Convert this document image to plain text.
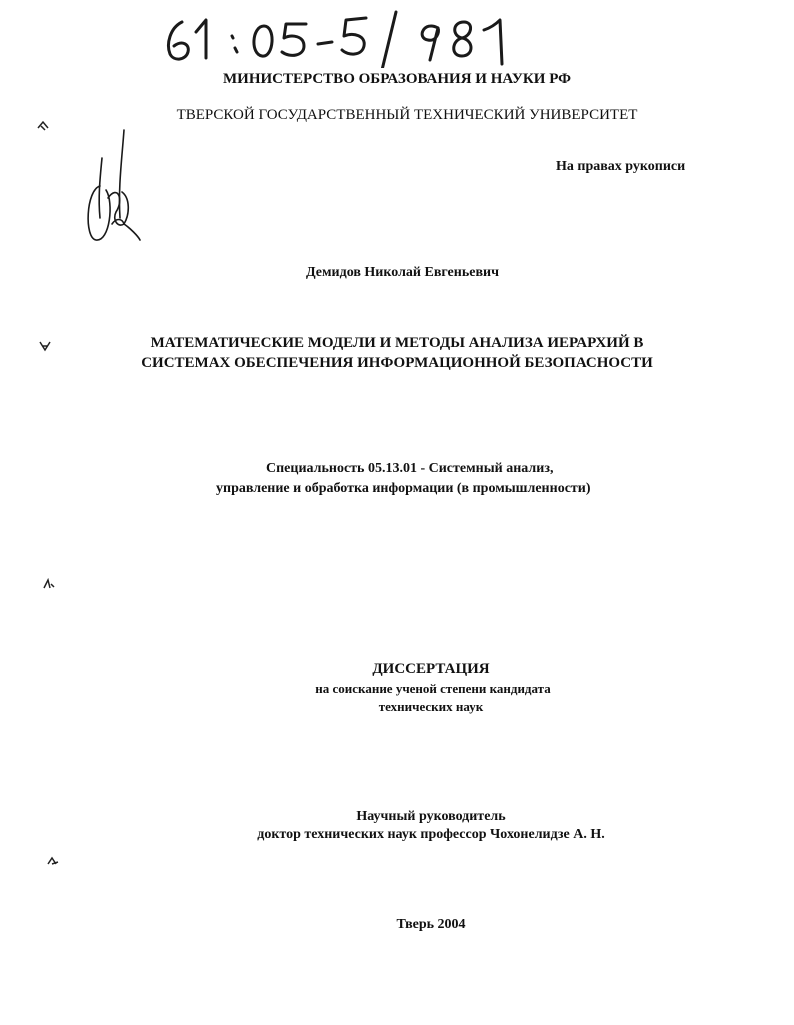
МИНИСТЕРСТВО ОБРАЗОВАНИЯ И НАУКИ РФ
ТВЕРСКОЙ ГОСУДАРСТВЕННЫЙ ТЕХНИЧЕСКИЙ УНИВЕРСИТЕТ
На правах рукописи
Демидов Николай Евгеньевич
МАТЕМАТИЧЕСКИЕ МОДЕЛИ И МЕТОДЫ АНАЛИЗА ИЕРАРХИЙ В
СИСТЕМАХ ОБЕСПЕЧЕНИЯ ИНФОРМАЦИОННОЙ БЕЗОПАСНОСТИ
Специальность 05.13.01 - Системный анализ,
управление и обработка информации (в промышленности)
ДИССЕРТАЦИЯ
на соискание ученой степени кандидата
технических наук
Научный руководитель
доктор технических наук профессор Чохонелидзе А. Н.
Тверь 2004
